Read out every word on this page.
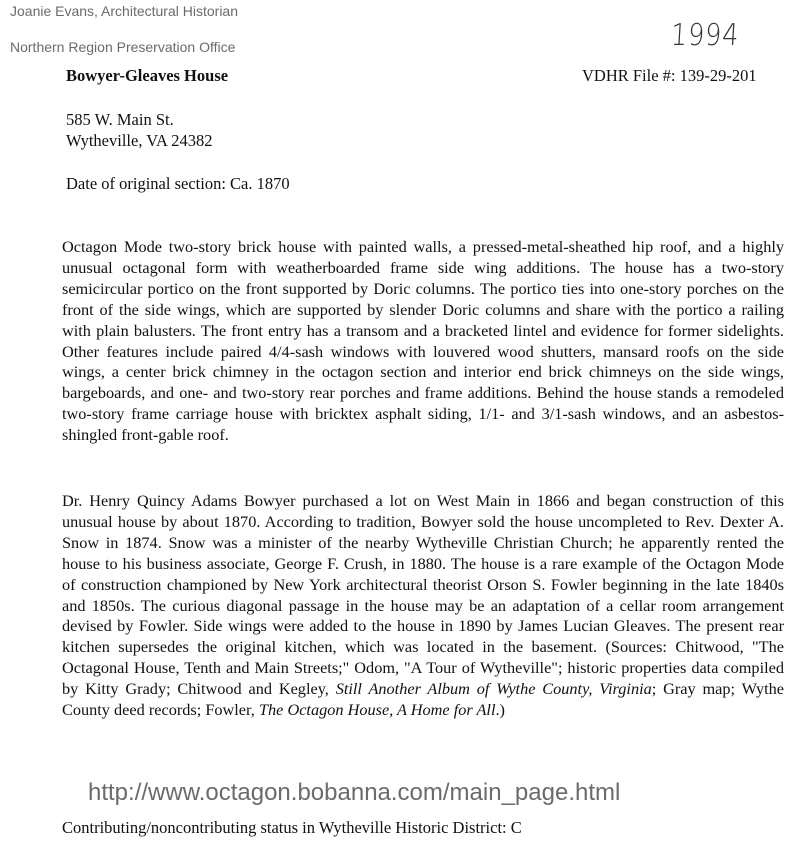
Joanie Evans, Architectural Historian
Northern Region Preservation Office	1994
Bowyer-Gleaves House	VDHR File #: 139-29-201
585 W. Main St.
Wytheville, VA 24382
Date of original section: Ca. 1870
Octagon Mode two-story brick house with painted walls, a pressed-metal-sheathed hip roof, and a highly unusual octagonal form with weatherboarded frame side wing additions. The house has a two-story semicircular portico on the front supported by Doric columns. The portico ties into one-story porches on the front of the side wings, which are supported by slender Doric columns and share with the portico a railing with plain balusters. The front entry has a transom and a bracketed lintel and evidence for former sidelights. Other features include paired 4/4-sash windows with louvered wood shutters, mansard roofs on the side wings, a center brick chimney in the octagon section and interior end brick chimneys on the side wings, bargeboards, and one- and two-story rear porches and frame additions. Behind the house stands a remodeled two-story frame carriage house with bricktex asphalt siding, 1/1- and 3/1-sash windows, and an asbestos-shingled front-gable roof.
Dr. Henry Quincy Adams Bowyer purchased a lot on West Main in 1866 and began construction of this unusual house by about 1870. According to tradition, Bowyer sold the house uncompleted to Rev. Dexter A. Snow in 1874. Snow was a minister of the nearby Wytheville Christian Church; he apparently rented the house to his business associate, George F. Crush, in 1880. The house is a rare example of the Octagon Mode of construction championed by New York architectural theorist Orson S. Fowler beginning in the late 1840s and 1850s. The curious diagonal passage in the house may be an adaptation of a cellar room arrangement devised by Fowler. Side wings were added to the house in 1890 by James Lucian Gleaves. The present rear kitchen supersedes the original kitchen, which was located in the basement. (Sources: Chitwood, "The Octagonal House, Tenth and Main Streets;" Odom, "A Tour of Wytheville"; historic properties data compiled by Kitty Grady; Chitwood and Kegley, Still Another Album of Wythe County, Virginia; Gray map; Wythe County deed records; Fowler, The Octagon House, A Home for All.)
http://www.octagon.bobanna.com/main_page.html
Contributing/noncontributing status in Wytheville Historic District: C
